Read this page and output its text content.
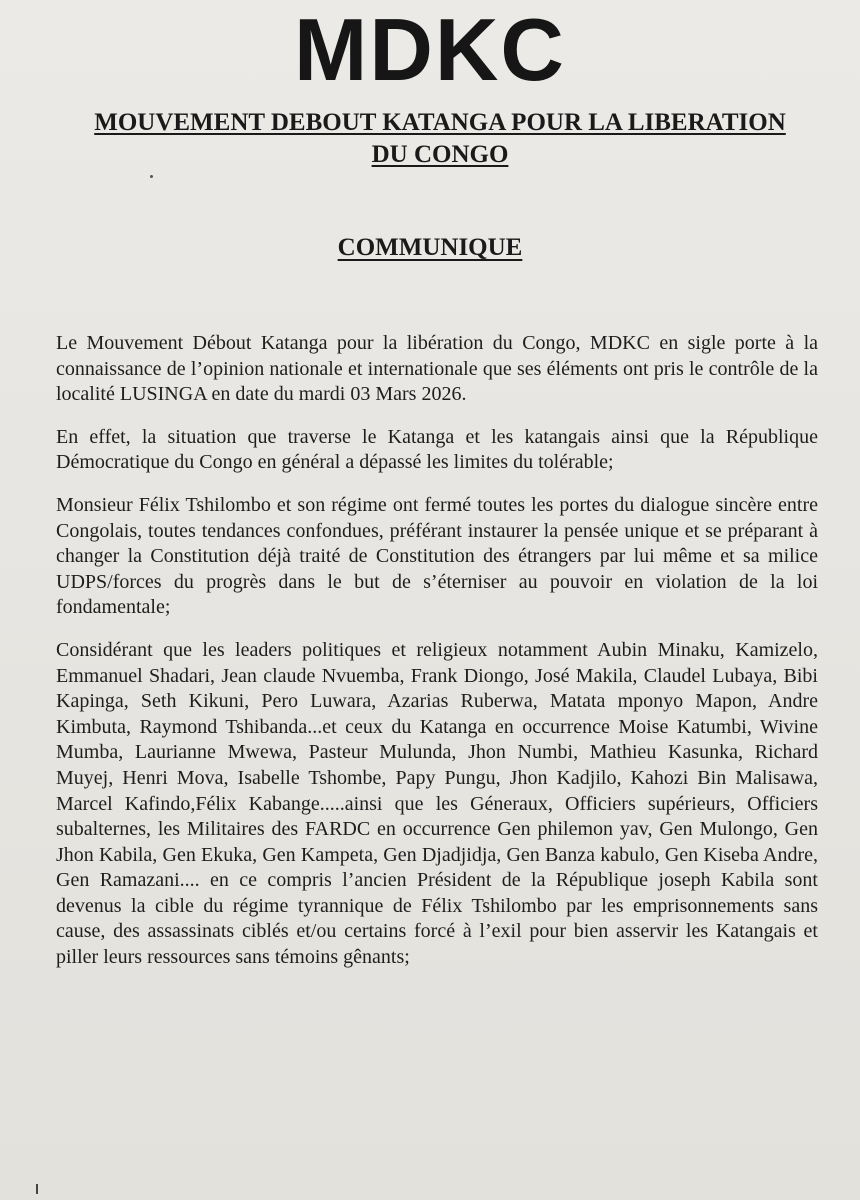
MDKC
MOUVEMENT DEBOUT KATANGA POUR LA LIBERATION
DU CONGO
COMMUNIQUE

Le Mouvement Débout Katanga pour la libération du Congo, MDKC en sigle porte à la connaissance de l’opinion nationale et internationale que ses éléments ont pris le contrôle de la localité LUSINGA en date du mardi 03 Mars 2026.

En effet, la situation que traverse le Katanga et les katangais ainsi que la République Démocratique du Congo en général a dépassé les limites du tolérable;

Monsieur Félix Tshilombo et son régime ont fermé toutes les portes du dialogue sincère entre Congolais, toutes tendances confondues, préférant instaurer la pensée unique et se préparant à changer la Constitution déjà traité de Constitution des étrangers par lui même et sa milice UDPS/forces du progrès dans le but de s’éterniser au pouvoir en violation de la loi fondamentale;

Considérant que les leaders politiques et religieux notamment Aubin Minaku, Kamizelo, Emmanuel Shadari, Jean claude Nvuemba, Frank Diongo, José Makila, Claudel Lubaya, Bibi Kapinga, Seth Kikuni, Pero Luwara, Azarias Ruberwa, Matata mponyo Mapon, Andre Kimbuta, Raymond Tshibanda...et ceux du Katanga en occurrence Moise Katumbi, Wivine Mumba, Laurianne Mwewa, Pasteur Mulunda, Jhon Numbi, Mathieu Kasunka, Richard Muyej, Henri Mova, Isabelle Tshombe, Papy Pungu, Jhon Kadjilo, Kahozi Bin Malisawa, Marcel Kafindo,Félix Kabange.....ainsi que les Géneraux, Officiers supérieurs, Officiers subalternes, les Militaires des FARDC en occurrence Gen philemon yav, Gen Mulongo, Gen Jhon Kabila, Gen Ekuka, Gen Kampeta, Gen Djadjidja, Gen Banza kabulo, Gen Kiseba Andre, Gen Ramazani.... en ce compris l’ancien Président de la République joseph Kabila sont devenus la cible du régime tyrannique de Félix Tshilombo par les emprisonnements sans cause, des assassinats ciblés et/ou certains forcé à l’exil pour bien asservir les Katangais et piller leurs ressources sans témoins gênants;
